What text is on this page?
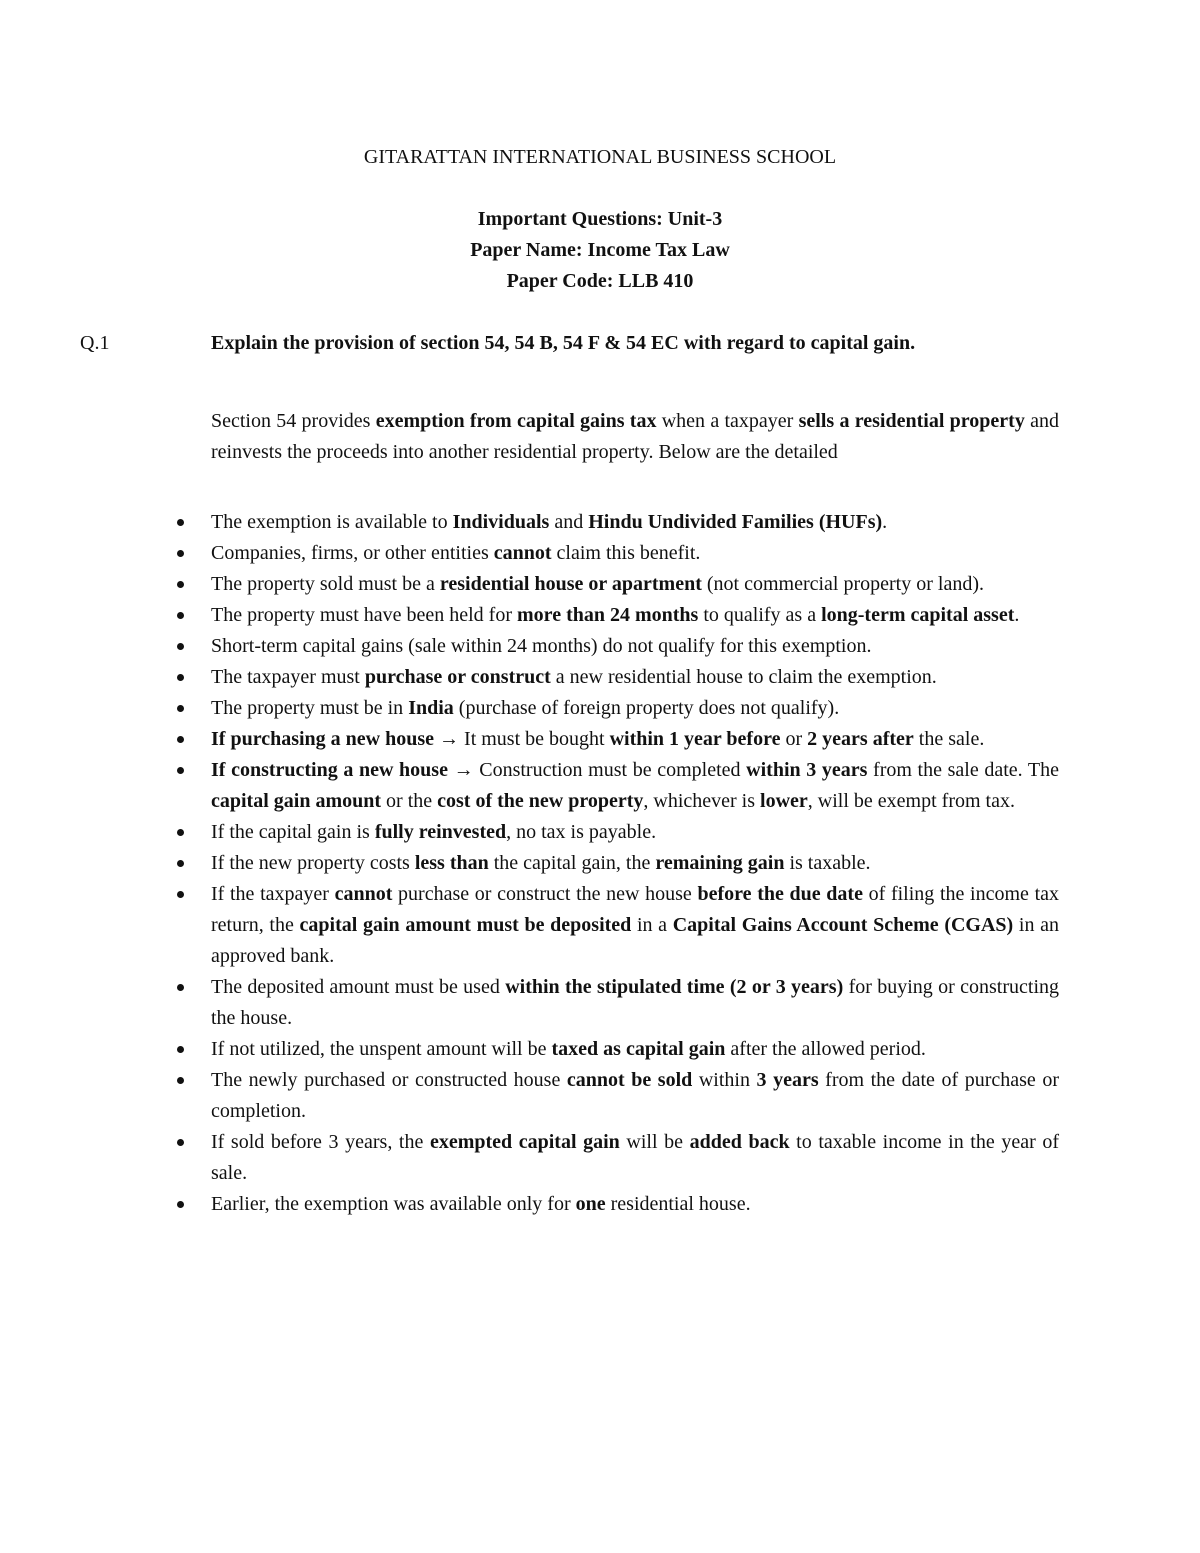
GITARATTAN INTERNATIONAL BUSINESS SCHOOL
Important Questions: Unit-3
Paper Name: Income Tax Law
Paper Code: LLB 410
Q.1	Explain the provision of section 54, 54 B, 54 F & 54 EC with regard to capital gain.

Section 54 provides exemption from capital gains tax when a taxpayer sells a residential property and reinvests the proceeds into another residential property. Below are the detailed

The exemption is available to Individuals and Hindu Undivided Families (HUFs).
Companies, firms, or other entities cannot claim this benefit.
The property sold must be a residential house or apartment (not commercial property or land).
The property must have been held for more than 24 months to qualify as a long-term capital asset.
Short-term capital gains (sale within 24 months) do not qualify for this exemption.
The taxpayer must purchase or construct a new residential house to claim the exemption.
The property must be in India (purchase of foreign property does not qualify).
If purchasing a new house → It must be bought within 1 year before or 2 years after the sale.
If constructing a new house → Construction must be completed within 3 years from the sale date. The capital gain amount or the cost of the new property, whichever is lower, will be exempt from tax.
If the capital gain is fully reinvested, no tax is payable.
If the new property costs less than the capital gain, the remaining gain is taxable.
If the taxpayer cannot purchase or construct the new house before the due date of filing the income tax return, the capital gain amount must be deposited in a Capital Gains Account Scheme (CGAS) in an approved bank.
The deposited amount must be used within the stipulated time (2 or 3 years) for buying or constructing the house.
If not utilized, the unspent amount will be taxed as capital gain after the allowed period.
The newly purchased or constructed house cannot be sold within 3 years from the date of purchase or completion.
If sold before 3 years, the exempted capital gain will be added back to taxable income in the year of sale.
Earlier, the exemption was available only for one residential house.
